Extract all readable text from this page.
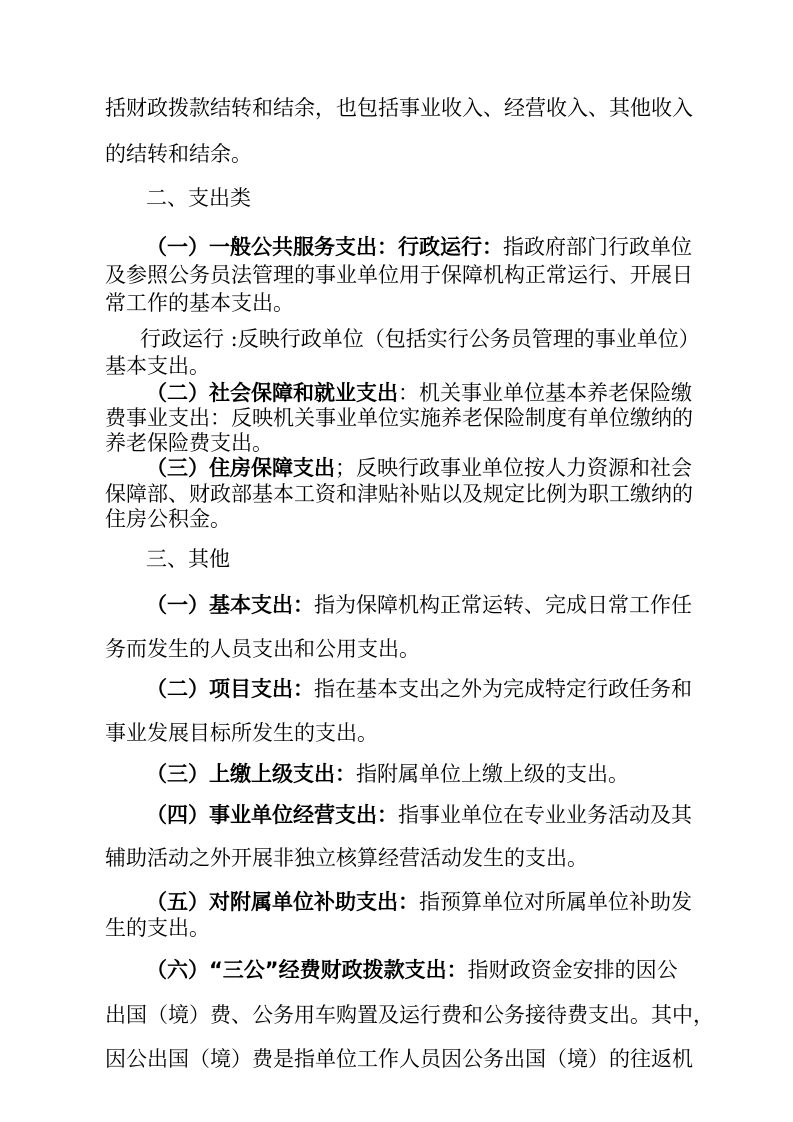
括财政拨款结转和结余，也包括事业收入、经营收入、其他收入
的结转和结余。
二、支出类
（一）一般公共服务支出：行政运行：指政府部门行政单位
及参照公务员法管理的事业单位用于保障机构正常运行、开展日
常工作的基本支出。
行政运行 :反映行政单位（包括实行公务员管理的事业单位）
基本支出。
（二）社会保障和就业支出：机关事业单位基本养老保险缴
费事业支出：反映机关事业单位实施养老保险制度有单位缴纳的
养老保险费支出。
（三）住房保障支出；反映行政事业单位按人力资源和社会
保障部、财政部基本工资和津贴补贴以及规定比例为职工缴纳的
住房公积金。
三、其他
（一）基本支出：指为保障机构正常运转、完成日常工作任
务而发生的人员支出和公用支出。
（二）项目支出：指在基本支出之外为完成特定行政任务和
事业发展目标所发生的支出。
（三）上缴上级支出：指附属单位上缴上级的支出。
（四）事业单位经营支出：指事业单位在专业业务活动及其
辅助活动之外开展非独立核算经营活动发生的支出。
（五）对附属单位补助支出：指预算单位对所属单位补助发
生的支出。
（六）“三公”经费财政拨款支出：指财政资金安排的因公
出国（境）费、公务用车购置及运行费和公务接待费支出。其中，
因公出国（境）费是指单位工作人员因公务出国（境）的往返机
